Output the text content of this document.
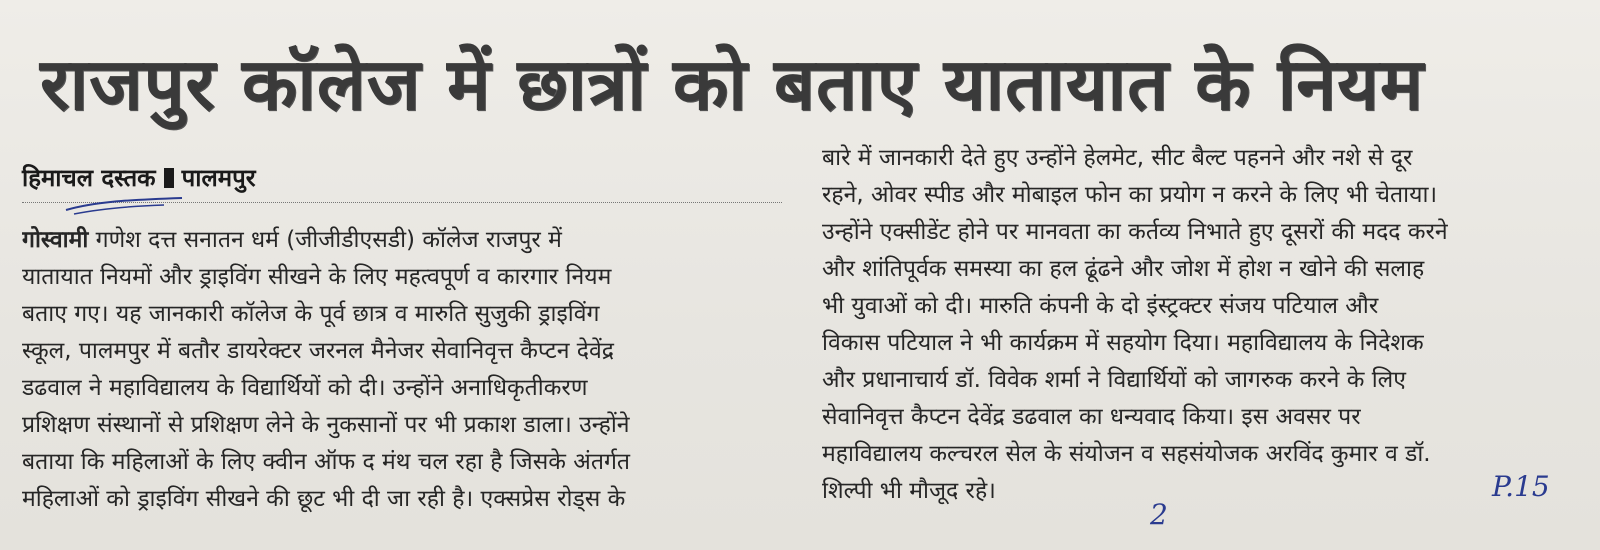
राजपुर कॉलेज में छात्रों को बताए यातायात के नियम
हिमाचल दस्तक पालमपुर
गोस्वामी गणेश दत्त सनातन धर्म (जीजीडीएसडी) कॉलेज राजपुर में
यातायात नियमों और ड्राइविंग सीखने के लिए महत्वपूर्ण व कारगार नियम
बताए गए। यह जानकारी कॉलेज के पूर्व छात्र व मारुति सुजुकी ड्राइविंग
स्कूल, पालमपुर में बतौर डायरेक्टर जरनल मैनेजर सेवानिवृत्त कैप्टन देवेंद्र
डढवाल ने महाविद्यालय के विद्यार्थियों को दी। उन्होंने अनाधिकृतीकरण
प्रशिक्षण संस्थानों से प्रशिक्षण लेने के नुकसानों पर भी प्रकाश डाला। उन्होंने
बताया कि महिलाओं के लिए क्वीन ऑफ द मंथ चल रहा है जिसके अंतर्गत
महिलाओं को ड्राइविंग सीखने की छूट भी दी जा रही है। एक्सप्रेस रोड्स के
बारे में जानकारी देते हुए उन्होंने हेलमेट, सीट बैल्ट पहनने और नशे से दूर
रहने, ओवर स्पीड और मोबाइल फोन का प्रयोग न करने के लिए भी चेताया।
उन्होंने एक्सीडेंट होने पर मानवता का कर्तव्य निभाते हुए दूसरों की मदद करने
और शांतिपूर्वक समस्या का हल ढूंढने और जोश में होश न खोने की सलाह
भी युवाओं को दी। मारुति कंपनी के दो इंस्ट्रक्टर संजय पटियाल और
विकास पटियाल ने भी कार्यक्रम में सहयोग दिया। महाविद्यालय के निदेशक
और प्रधानाचार्य डॉ. विवेक शर्मा ने विद्यार्थियों को जागरुक करने के लिए
सेवानिवृत्त कैप्टन देवेंद्र डढवाल का धन्यवाद किया। इस अवसर पर
महाविद्यालय कल्चरल सेल के संयोजन व सहसंयोजक अरविंद कुमार व डॉ.
शिल्पी भी मौजूद रहे।
2
P.15
